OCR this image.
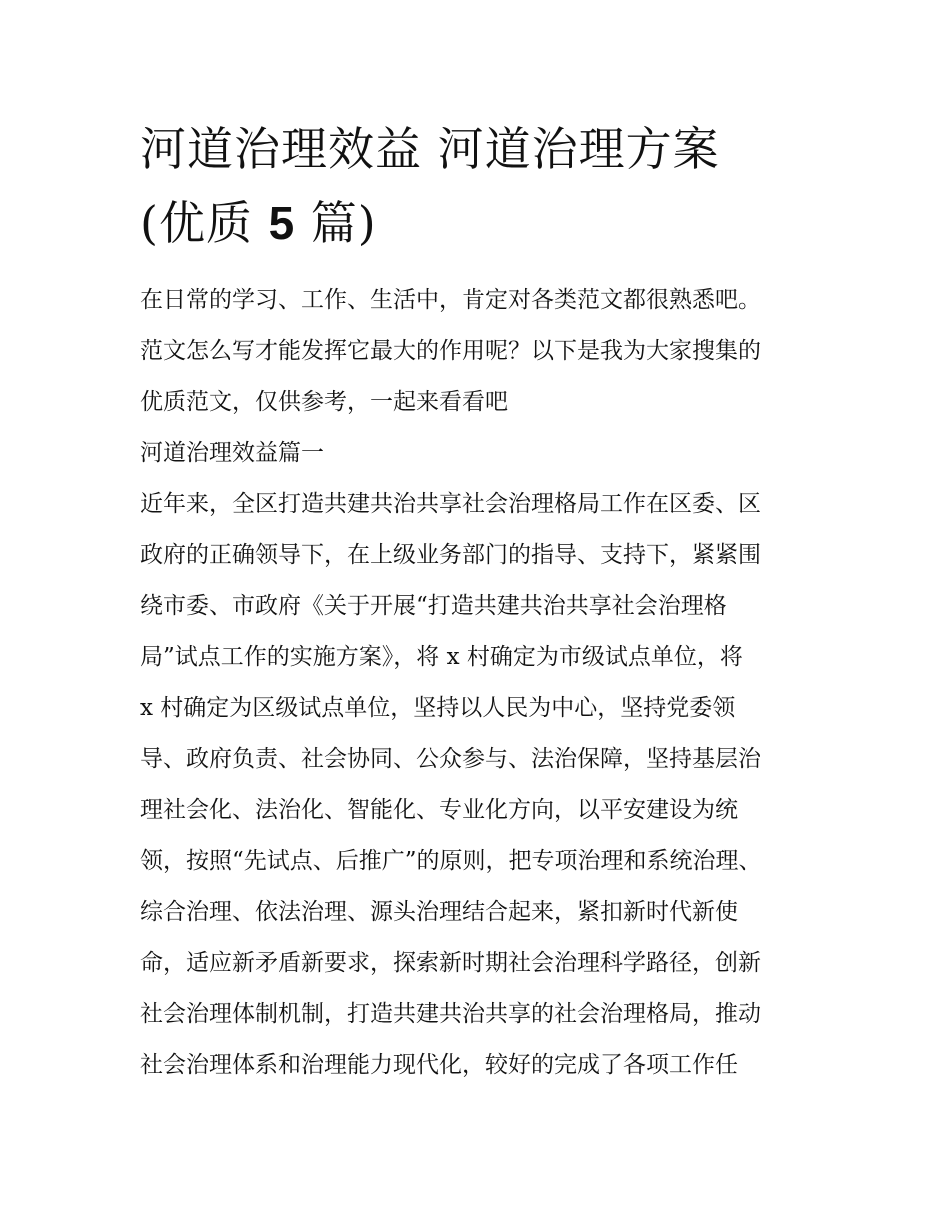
河道治理效益 河道治理方案
(优质 5 篇)
在日常的学习、工作、生活中，肯定对各类范文都很熟悉吧。
范文怎么写才能发挥它最大的作用呢？以下是我为大家搜集的
优质范文，仅供参考，一起来看看吧
河道治理效益篇一
近年来，全区打造共建共治共享社会治理格局工作在区委、区
政府的正确领导下，在上级业务部门的指导、支持下，紧紧围
绕市委、市政府《关于开展“打造共建共治共享社会治理格
局”试点工作的实施方案》，将 x 村确定为市级试点单位，将
x 村确定为区级试点单位，坚持以人民为中心，坚持党委领
导、政府负责、社会协同、公众参与、法治保障，坚持基层治
理社会化、法治化、智能化、专业化方向，以平安建设为统
领，按照“先试点、后推广”的原则，把专项治理和系统治理、
综合治理、依法治理、源头治理结合起来，紧扣新时代新使
命，适应新矛盾新要求，探索新时期社会治理科学路径，创新
社会治理体制机制，打造共建共治共享的社会治理格局，推动
社会治理体系和治理能力现代化，较好的完成了各项工作任
